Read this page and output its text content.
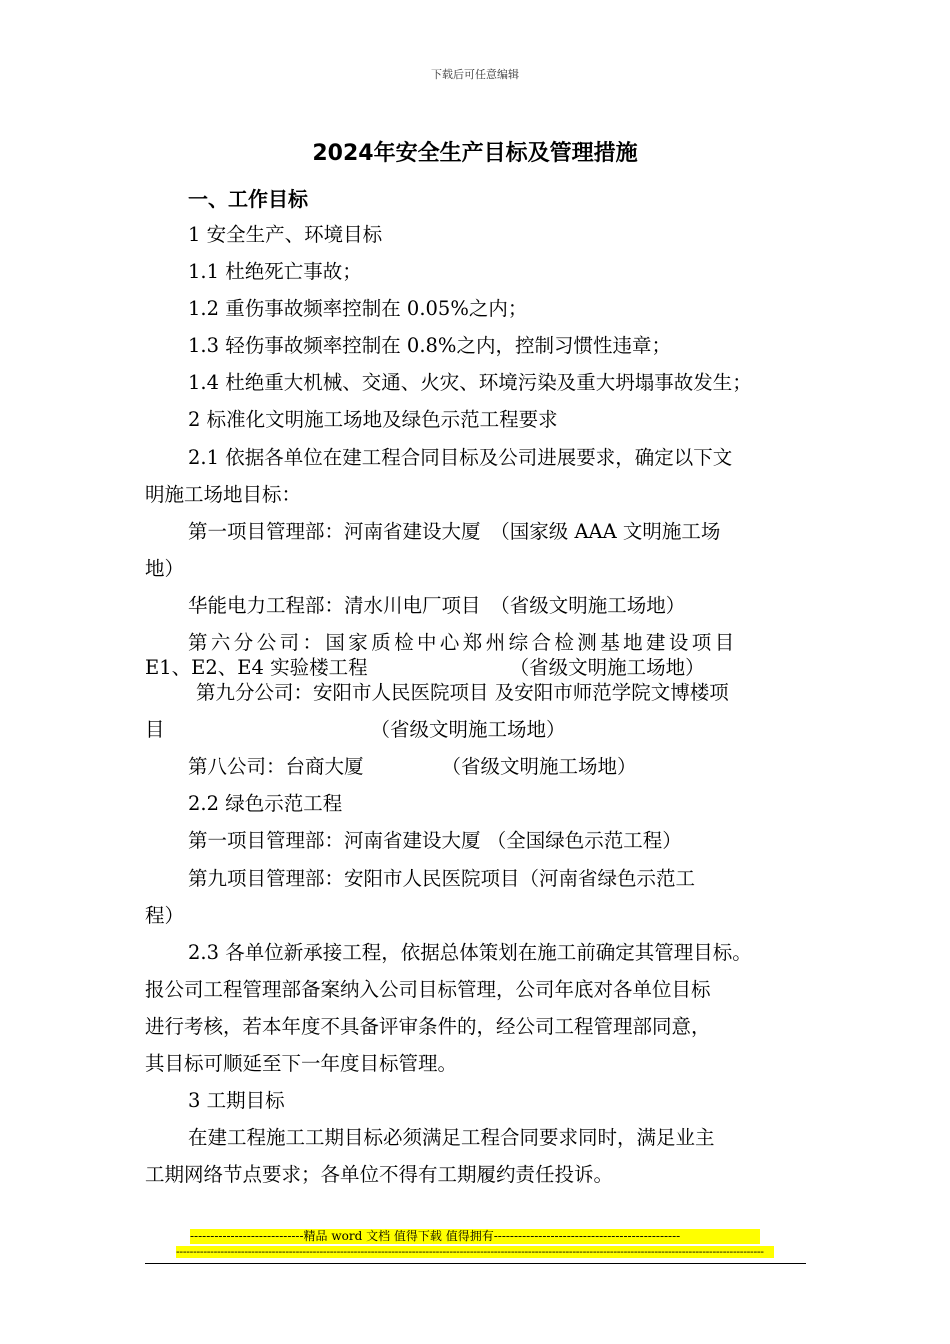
下载后可任意编辑
2024年安全生产目标及管理措施
一、工作目标
1 安全生产、环境目标
1.1 杜绝死亡事故；
1.2 重伤事故频率控制在 0.05%之内；
1.3 轻伤事故频率控制在 0.8%之内，控制习惯性违章；
1.4 杜绝重大机械、交通、火灾、环境污染及重大坍塌事故发生；
2 标准化文明施工场地及绿色示范工程要求
2.1 依据各单位在建工程合同目标及公司进展要求，确定以下文
明施工场地目标：
第一项目管理部：河南省建设大厦　（国家级 AAA 文明施工场
地）
华能电力工程部：清水川电厂项目　（省级文明施工场地）
第六分公司：国家质检中心郑州综合检测基地建设项目
E1、E2、E4 实验楼工程	（省级文明施工场地）
第九分公司：安阳市人民医院项目 及安阳市师范学院文博楼项
目	（省级文明施工场地）
第八公司：台商大厦	（省级文明施工场地）
2.2 绿色示范工程
第一项目管理部：河南省建设大厦 （全国绿色示范工程）
第九项目管理部：安阳市人民医院项目（河南省绿色示范工
程）
2.3 各单位新承接工程，依据总体策划在施工前确定其管理目标。
报公司工程管理部备案纳入公司目标管理，公司年底对各单位目标
进行考核，若本年度不具备评审条件的，经公司工程管理部同意，
其目标可顺延至下一年度目标管理。
3 工期目标
在建工程施工工期目标必须满足工程合同要求同时，满足业主
工期网络节点要求；各单位不得有工期履约责任投诉。
----------------------------精品 word 文档 值得下载 值得拥有----------------------------------------------
----------------------------------------------------------------------------------------------------------------------------------------------------------------------------
